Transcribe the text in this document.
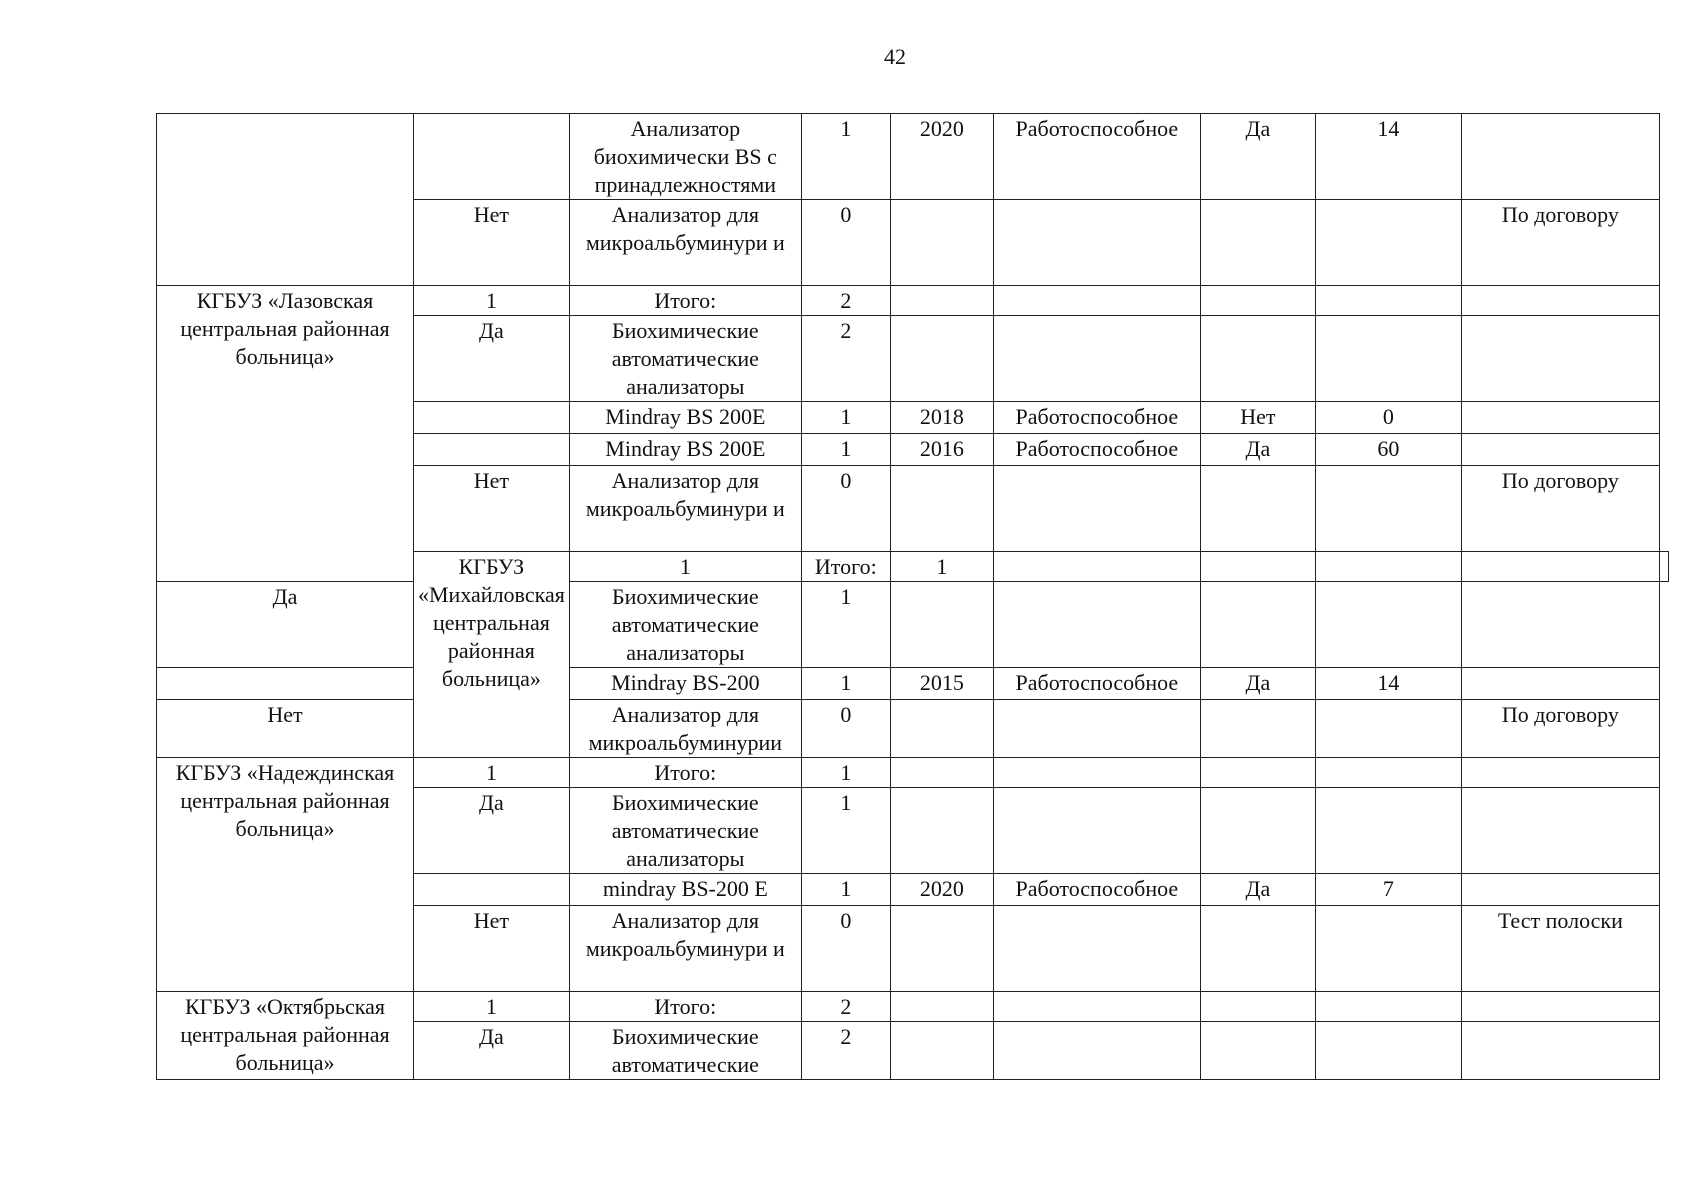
42
		Анализатор биохимически BS с принадлежностями	1	2020	Работоспособное	Да	14		
	Нет	Анализатор для микроальбуминури и	0					По договору	
КГБУЗ «Лазовская центральная районная больница»	1	Итого:	2						
	Да	Биохимические автоматические анализаторы	2						
		Mindray BS 200E	1	2018	Работоспособное	Нет	0		
		Mindray BS 200E	1	2016	Работоспособное	Да	60		
	Нет	Анализатор для микроальбуминури и	0					По договору	
	КГБУЗ «Михайловская центральная районная больница»	1	Итого:	1					
Да		Биохимические автоматические анализаторы	1						
		Mindray BS-200	1	2015	Работоспособное	Да	14		
Нет		Анализатор для микроальбуминурии	0					По договору	
КГБУЗ «Надеждинская центральная районная больница»	1	Итого:	1						
	Да	Биохимические автоматические анализаторы	1						
		mindray BS-200 E	1	2020	Работоспособное	Да	7		
	Нет	Анализатор для микроальбуминури и	0					Тест полоски	
КГБУЗ «Октябрьская центральная районная больница»	1	Итого:	2						
	Да	Биохимические автоматические	2						
